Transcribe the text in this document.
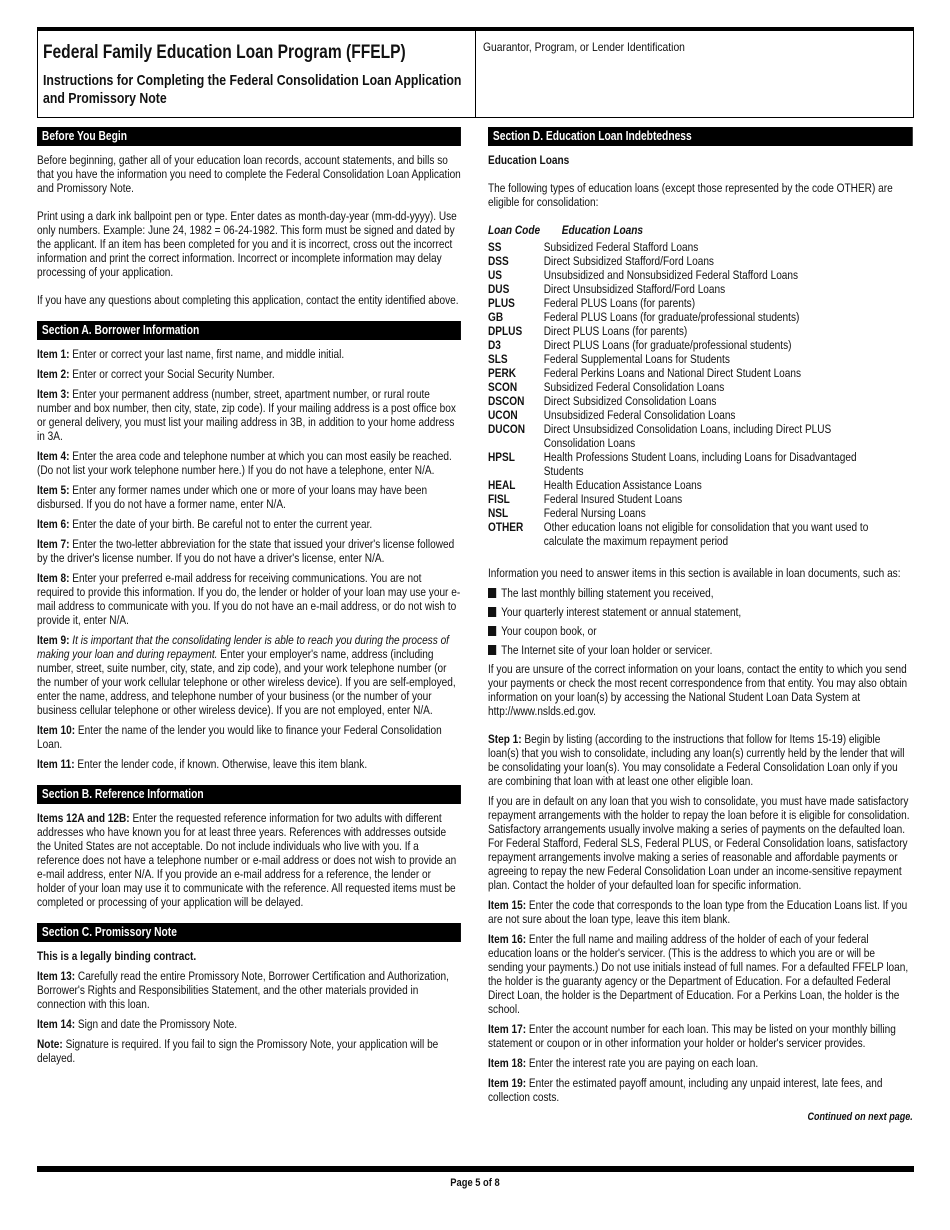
Federal Family Education Loan Program (FFELP)
Instructions for Completing the Federal Consolidation Loan Application and Promissory Note
Guarantor, Program, or Lender Identification
Before You Begin

Before beginning, gather all of your education loan records, account statements, and bills so that you have the information you need to complete the Federal Consolidation Loan Application and Promissory Note.

Print using a dark ink ballpoint pen or type. Enter dates as month-day-year (mm-dd-yyyy). Use only numbers. Example: June 24, 1982 = 06-24-1982. This form must be signed and dated by the applicant. If an item has been completed for you and it is incorrect, cross out the incorrect information and print the correct information. Incorrect or incomplete information may delay processing of your application.

If you have any questions about completing this application, contact the entity identified above.

Section A. Borrower Information

Item 1: Enter or correct your last name, first name, and middle initial.

Item 2: Enter or correct your Social Security Number.

Item 3: Enter your permanent address (number, street, apartment number, or rural route number and box number, then city, state, zip code). If your mailing address is a post office box or general delivery, you must list your mailing address in 3B, in addition to your home address in 3A.

Item 4: Enter the area code and telephone number at which you can most easily be reached. (Do not list your work telephone number here.) If you do not have a telephone, enter N/A.

Item 5: Enter any former names under which one or more of your loans may have been disbursed. If you do not have a former name, enter N/A.

Item 6: Enter the date of your birth. Be careful not to enter the current year.

Item 7: Enter the two-letter abbreviation for the state that issued your driver's license followed by the driver's license number. If you do not have a driver's license, enter N/A.

Item 8: Enter your preferred e-mail address for receiving communications. You are not required to provide this information. If you do, the lender or holder of your loan may use your e-mail address to communicate with you. If you do not have an e-mail address, or do not wish to provide it, enter N/A.

Item 9: It is important that the consolidating lender is able to reach you during the process of making your loan and during repayment. Enter your employer's name, address (including number, street, suite number, city, state, and zip code), and your work telephone number (or the number of your work cellular telephone or other wireless device). If you are self-employed, enter the name, address, and telephone number of your business (or the number of your business cellular telephone or other wireless device). If you are not employed, enter N/A.

Item 10: Enter the name of the lender you would like to finance your Federal Consolidation Loan.

Item 11: Enter the lender code, if known. Otherwise, leave this item blank.

Section B. Reference Information

Items 12A and 12B: Enter the requested reference information for two adults with different addresses who have known you for at least three years. References with addresses outside the United States are not acceptable. Do not include individuals who live with you. If a reference does not have a telephone number or e-mail address or does not wish to provide an e-mail address, enter N/A. If you provide an e-mail address for a reference, the lender or holder of your loan may use it to communicate with the reference. All requested items must be completed or processing of your application will be delayed.

Section C. Promissory Note

This is a legally binding contract.

Item 13: Carefully read the entire Promissory Note, Borrower Certification and Authorization, Borrower's Rights and Responsibilities Statement, and the other materials provided in connection with this loan.

Item 14: Sign and date the Promissory Note.

Note: Signature is required. If you fail to sign the Promissory Note, your application will be delayed.

Section D. Education Loan Indebtedness

Education Loans

The following types of education loans (except those represented by the code OTHER) are eligible for consolidation:

Loan Code	Education Loans
SS	Subsidized Federal Stafford Loans
DSS	Direct Subsidized Stafford/Ford Loans
US	Unsubsidized and Nonsubsidized Federal Stafford Loans
DUS	Direct Unsubsidized Stafford/Ford Loans
PLUS	Federal PLUS Loans (for parents)
GB	Federal PLUS Loans (for graduate/professional students)
DPLUS	Direct PLUS Loans (for parents)
D3	Direct PLUS Loans (for graduate/professional students)
SLS	Federal Supplemental Loans for Students
PERK	Federal Perkins Loans and National Direct Student Loans
SCON	Subsidized Federal Consolidation Loans
DSCON	Direct Subsidized Consolidation Loans
UCON	Unsubsidized Federal Consolidation Loans
DUCON	Direct Unsubsidized Consolidation Loans, including Direct PLUS Consolidation Loans
HPSL	Health Professions Student Loans, including Loans for Disadvantaged Students
HEAL	Health Education Assistance Loans
FISL	Federal Insured Student Loans
NSL	Federal Nursing Loans
OTHER	Other education loans not eligible for consolidation that you want used to calculate the maximum repayment period

Information you need to answer items in this section is available in loan documents, such as:

The last monthly billing statement you received,
Your quarterly interest statement or annual statement,
Your coupon book, or
The Internet site of your loan holder or servicer.

If you are unsure of the correct information on your loans, contact the entity to which you send your payments or check the most recent correspondence from that entity. You may also obtain information on your loan(s) by accessing the National Student Loan Data System at http://www.nslds.ed.gov.

Step 1: Begin by listing (according to the instructions that follow for Items 15-19) eligible loan(s) that you wish to consolidate, including any loan(s) currently held by the lender that will be consolidating your loan(s). You may consolidate a Federal Consolidation Loan only if you are combining that loan with at least one other eligible loan.

If you are in default on any loan that you wish to consolidate, you must have made satisfactory repayment arrangements with the holder to repay the loan before it is eligible for consolidation. Satisfactory arrangements usually involve making a series of payments on the defaulted loan. For Federal Stafford, Federal SLS, Federal PLUS, or Federal Consolidation loans, satisfactory repayment arrangements involve making a series of reasonable and affordable payments or agreeing to repay the new Federal Consolidation Loan under an income-sensitive repayment plan. Contact the holder of your defaulted loan for specific information.

Item 15: Enter the code that corresponds to the loan type from the Education Loans list. If you are not sure about the loan type, leave this item blank.

Item 16: Enter the full name and mailing address of the holder of each of your federal education loans or the holder's servicer. (This is the address to which you are or will be sending your payments.) Do not use initials instead of full names. For a defaulted FFELP loan, the holder is the guaranty agency or the Department of Education. For a defaulted Federal Direct Loan, the holder is the Department of Education. For a Perkins Loan, the holder is the school.

Item 17: Enter the account number for each loan. This may be listed on your monthly billing statement or coupon or in other information your holder or holder's servicer provides.

Item 18: Enter the interest rate you are paying on each loan.

Item 19: Enter the estimated payoff amount, including any unpaid interest, late fees, and collection costs.

Continued on next page.
Page 5 of 8
